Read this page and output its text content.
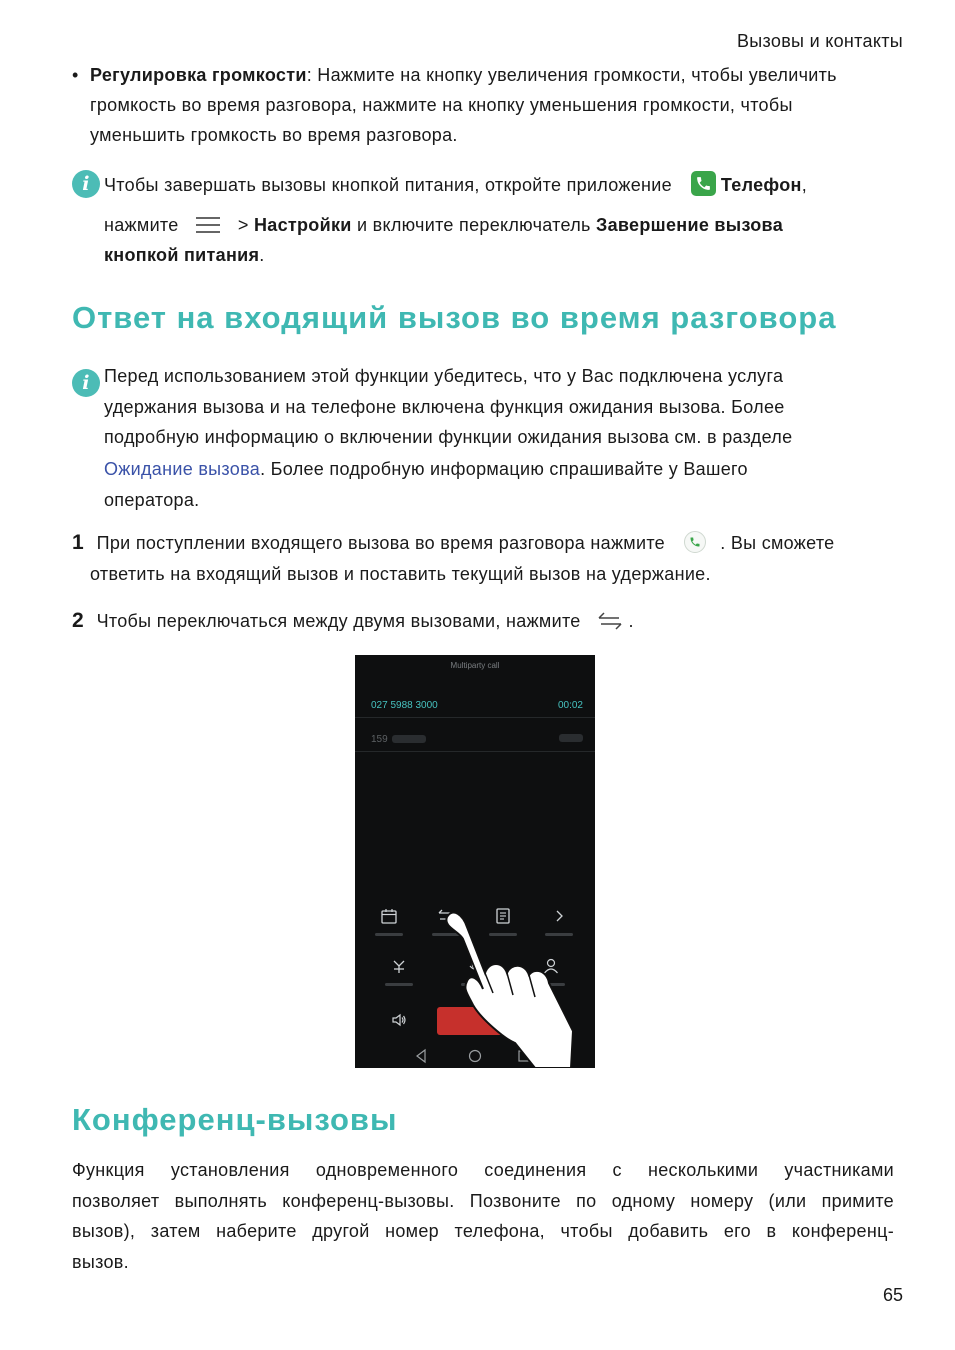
Вызовы и контакты
• Регулировка громкости: Нажмите на кнопку увеличения громкости, чтобы увеличить
громкость во время разговора, нажмите на кнопку уменьшения громкости, чтобы
уменьшить громкость во время разговора.
i Чтобы завершать вызовы кнопкой питания, откройте приложение	Телефон,
нажмите	> Настройки и включите переключатель Завершение вызова
кнопкой питания.
Ответ на входящий вызов во время разговора
i Перед использованием этой функции убедитесь, что у Вас подключена услуга
удержания вызова и на телефоне включена функция ожидания вызова. Более
подробную информацию о включении функции ожидания вызова см. в разделе
Ожидание вызова. Более подробную информацию спрашивайте у Вашего
оператора.
1 При поступлении входящего вызова во время разговора нажмите	. Вы сможете
ответить на входящий вызов и поставить текущий вызов на удержание.
2 Чтобы переключаться между двумя вызовами, нажмите	.
Multiparty call
027 5988 3000	00:02
159
Конференц-вызовы
Функция установления одновременного соединения с несколькими участниками
позволяет выполнять конференц-вызовы. Позвоните по одному номеру (или примите
вызов), затем наберите другой номер телефона, чтобы добавить его в конференц-
вызов.
65
